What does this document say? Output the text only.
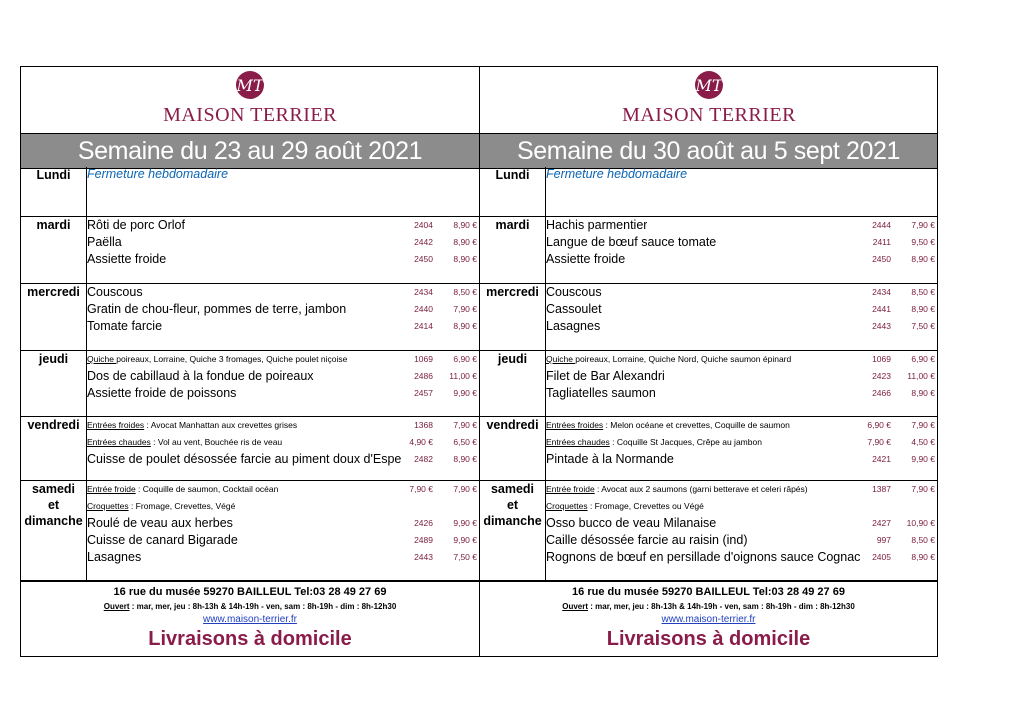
MT
MAISON TERRIER
Semaine du 23 au 29 août 2021
Lundi	Fermeture hebdomadaire
mardi	Rôti de porc Orlof	2404 8,90 €
Paëlla	2442 8,90 €
Assiette froide	2450 8,90 €
mercredi Couscous	2434 8,50 €
Gratin de chou-fleur, pommes de terre, jambon	2440 7,90 €
Tomate farcie	2414 8,90 €
jeudi	Quiche poireaux, Lorraine, Quiche 3 fromages, Quiche poulet niçoise	1069 6,90 €
Dos de cabillaud à la fondue de poireaux	2486 11,00 €
Assiette froide de poissons	2457 9,90 €
vendredi Entrées froides : Avocat Manhattan aux crevettes grises	1368 7,90 €
Entrées chaudes : Vol au vent, Bouchée ris de veau	4,90 € 6,50 €
Cuisse de poulet désossée farcie au piment doux d'Espe 2482 8,90 €
samedi
et
dimanche
Entrée froide : Coquille de saumon, Cocktail océan	7,90 € 7,90 €
Croquettes : Fromage, Crevettes, Végé
Roulé de veau aux herbes	2426 9,90 €
Cuisse de canard Bigarade	2489 9,90 €
Lasagnes	2443 7,50 €
16 rue du musée 59270 BAILLEUL Tel:03 28 49 27 69
Ouvert : mar, mer, jeu : 8h-13h & 14h-19h - ven, sam : 8h-19h - dim : 8h-12h30
www.maison-terrier.fr
Livraisons à domicile
MT
MAISON TERRIER
Semaine du 30 août au 5 sept 2021
Lundi	Fermeture hebdomadaire
mardi	Hachis parmentier	2444 7,90 €
Langue de bœuf sauce tomate	2411 9,50 €
Assiette froide	2450 8,90 €
mercredi Couscous	2434 8,50 €
Cassoulet	2441 8,90 €
Lasagnes	2443 7,50 €
jeudi	Quiche poireaux, Lorraine, Quiche Nord, Quiche saumon épinard	1069 6,90 €
Filet de Bar Alexandri	2423 11,00 €
Tagliatelles saumon	2466 8,90 €
vendredi Entrées froides : Melon océane et crevettes, Coquille de saumon	6,90 € 7,90 €
Entrées chaudes : Coquille St Jacques, Crêpe au jambon	7,90 € 4,50 €
Pintade à la Normande	2421 9,90 €
samedi
et
dimanche
Entrée froide : Avocat aux 2 saumons (garni betterave et celeri râpés)	1387 7,90 €
Croquettes : Fromage, Crevettes ou Végé
Osso bucco de veau Milanaise	2427 10,90 €
Caille désossée farcie au raisin (ind)	997 8,50 €
Rognons de bœuf en persillade d'oignons sauce Cognac 2405 8,90 €
16 rue du musée 59270 BAILLEUL Tel:03 28 49 27 69
Ouvert : mar, mer, jeu : 8h-13h & 14h-19h - ven, sam : 8h-19h - dim : 8h-12h30
www.maison-terrier.fr
Livraisons à domicile
